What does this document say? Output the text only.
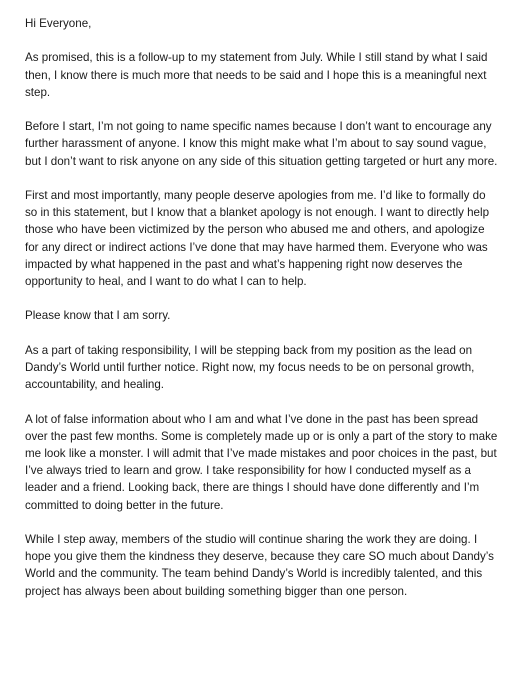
Hi Everyone,

As promised, this is a follow-up to my statement from July. While I still stand by what I said then, I know there is much more that needs to be said and I hope this is a meaningful next step.

Before I start, I’m not going to name specific names because I don’t want to encourage any further harassment of anyone. I know this might make what I’m about to say sound vague, but I don’t want to risk anyone on any side of this situation getting targeted or hurt any more.

First and most importantly, many people deserve apologies from me. I’d like to formally do so in this statement, but I know that a blanket apology is not enough. I want to directly help those who have been victimized by the person who abused me and others, and apologize for any direct or indirect actions I’ve done that may have harmed them. Everyone who was impacted by what happened in the past and what’s happening right now deserves the opportunity to heal, and I want to do what I can to help.

Please know that I am sorry.

As a part of taking responsibility, I will be stepping back from my position as the lead on Dandy’s World until further notice. Right now, my focus needs to be on personal growth, accountability, and healing.

A lot of false information about who I am and what I’ve done in the past has been spread over the past few months. Some is completely made up or is only a part of the story to make me look like a monster. I will admit that I’ve made mistakes and poor choices in the past, but I’ve always tried to learn and grow. I take responsibility for how I conducted myself as a leader and a friend. Looking back, there are things I should have done differently and I’m committed to doing better in the future.

While I step away, members of the studio will continue sharing the work they are doing. I hope you give them the kindness they deserve, because they care SO much about Dandy’s World and the community. The team behind Dandy’s World is incredibly talented, and this project has always been about building something bigger than one person.
